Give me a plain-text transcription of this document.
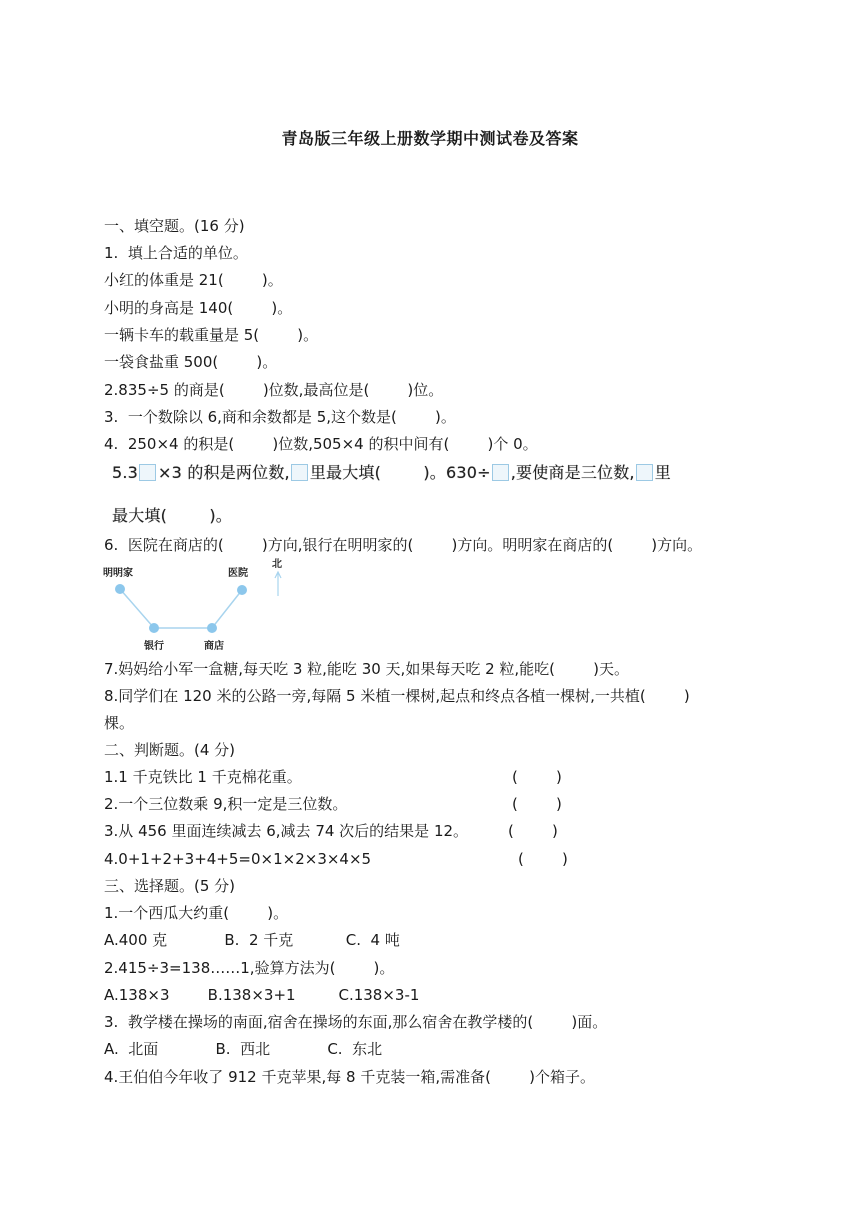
青岛版三年级上册数学期中测试卷及答案
一、填空题。(16 分)
1.  填上合适的单位。
小红的体重是 21(        )。
小明的身高是 140(        )。
一辆卡车的载重量是 5(        )。
一袋食盐重 500(        )。
2.835÷5 的商是(        )位数,最高位是(        )位。
3.  一个数除以 6,商和余数都是 5,这个数是(        )。
4.  250×4 的积是(        )位数,505×4 的积中间有(        )个 0。
5.3 ×3 的积是两位数, 里最大填(        )。630÷ ,要使商是三位数, 里
最大填(        )。
6.  医院在商店的(        )方向,银行在明明家的(        )方向。明明家在商店的(        )方向。
明明家	医院
银行	商店
北
7.妈妈给小军一盒糖,每天吃 3 粒,能吃 30 天,如果每天吃 2 粒,能吃(        )天。
8.同学们在 120 米的公路一旁,每隔 5 米植一棵树,起点和终点各植一棵树,一共植(        )
棵。
二、判断题。(4 分)
1.1 千克铁比 1 千克棉花重。	(        )
2.一个三位数乘 9,积一定是三位数。	(        )
3.从 456 里面连续减去 6,减去 74 次后的结果是 12。	(        )
4.0+1+2+3+4+5=0×1×2×3×4×5	(        )
三、选择题。(5 分)
1.一个西瓜大约重(        )。
A.400 克            B.  2 千克           C.  4 吨
2.415÷3=138……1,验算方法为(        )。
A.138×3        B.138×3+1         C.138×3-1
3.  教学楼在操场的南面,宿舍在操场的东面,那么宿舍在教学楼的(        )面。
A.  北面            B.  西北            C.  东北
4.王伯伯今年收了 912 千克苹果,每 8 千克装一箱,需准备(        )个箱子。
